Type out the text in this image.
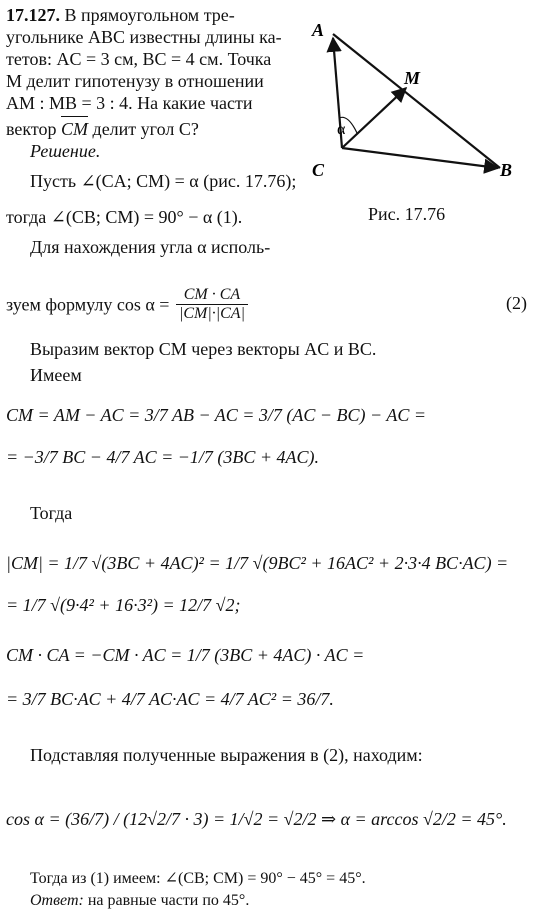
17.127. В прямоугольном тре-
угольнике ABC известны длины ка-
тетов: AC = 3 см, BC = 4 см. Точка
M делит гипотенузу в отношении
AM : MB = 3 : 4. На какие части
вектор CM делит угол C?
A
M
C	B
α
Рис. 17.76
Решение.
Пусть ∠(CA; CM) = α (рис. 17.76);
тогда ∠(CB; CM) = 90° − α (1).
Для нахождения угла α исполь-
зуем формулу $\cos \alpha = \frac{CM \cdot CA}{|CM|\cdot|CA|}$	(2)
Выразим вектор CM через векторы AC и BC.
Имеем
CM = AM − AC = 3/7 AB − AC = 3/7 (AC − BC) − AC =
= −3/7 BC − 4/7 AC = −1/7 (3BC + 4AC).
Тогда
|CM| = 1/7 √(3BC + 4AC)² = 1/7 √(9BC² + 16AC² + 2·3·4 BC·AC) =
= 1/7 √(9·4² + 16·3²) = 12/7 √2;
CM · CA = −CM · AC = 1/7 (3BC + 4AC) · AC =
= 3/7 BC·AC + 4/7 AC·AC = 4/7 AC² = 36/7.
Подставляя полученные выражения в (2), находим:
cos α = (36/7) / (12√2/7 · 3) = 1/√2 = √2/2 ⇒ α = arccos √2/2 = 45°.
Тогда из (1) имеем: ∠(CB; CM) = 90° − 45° = 45°.
Ответ: на равные части по 45°.
